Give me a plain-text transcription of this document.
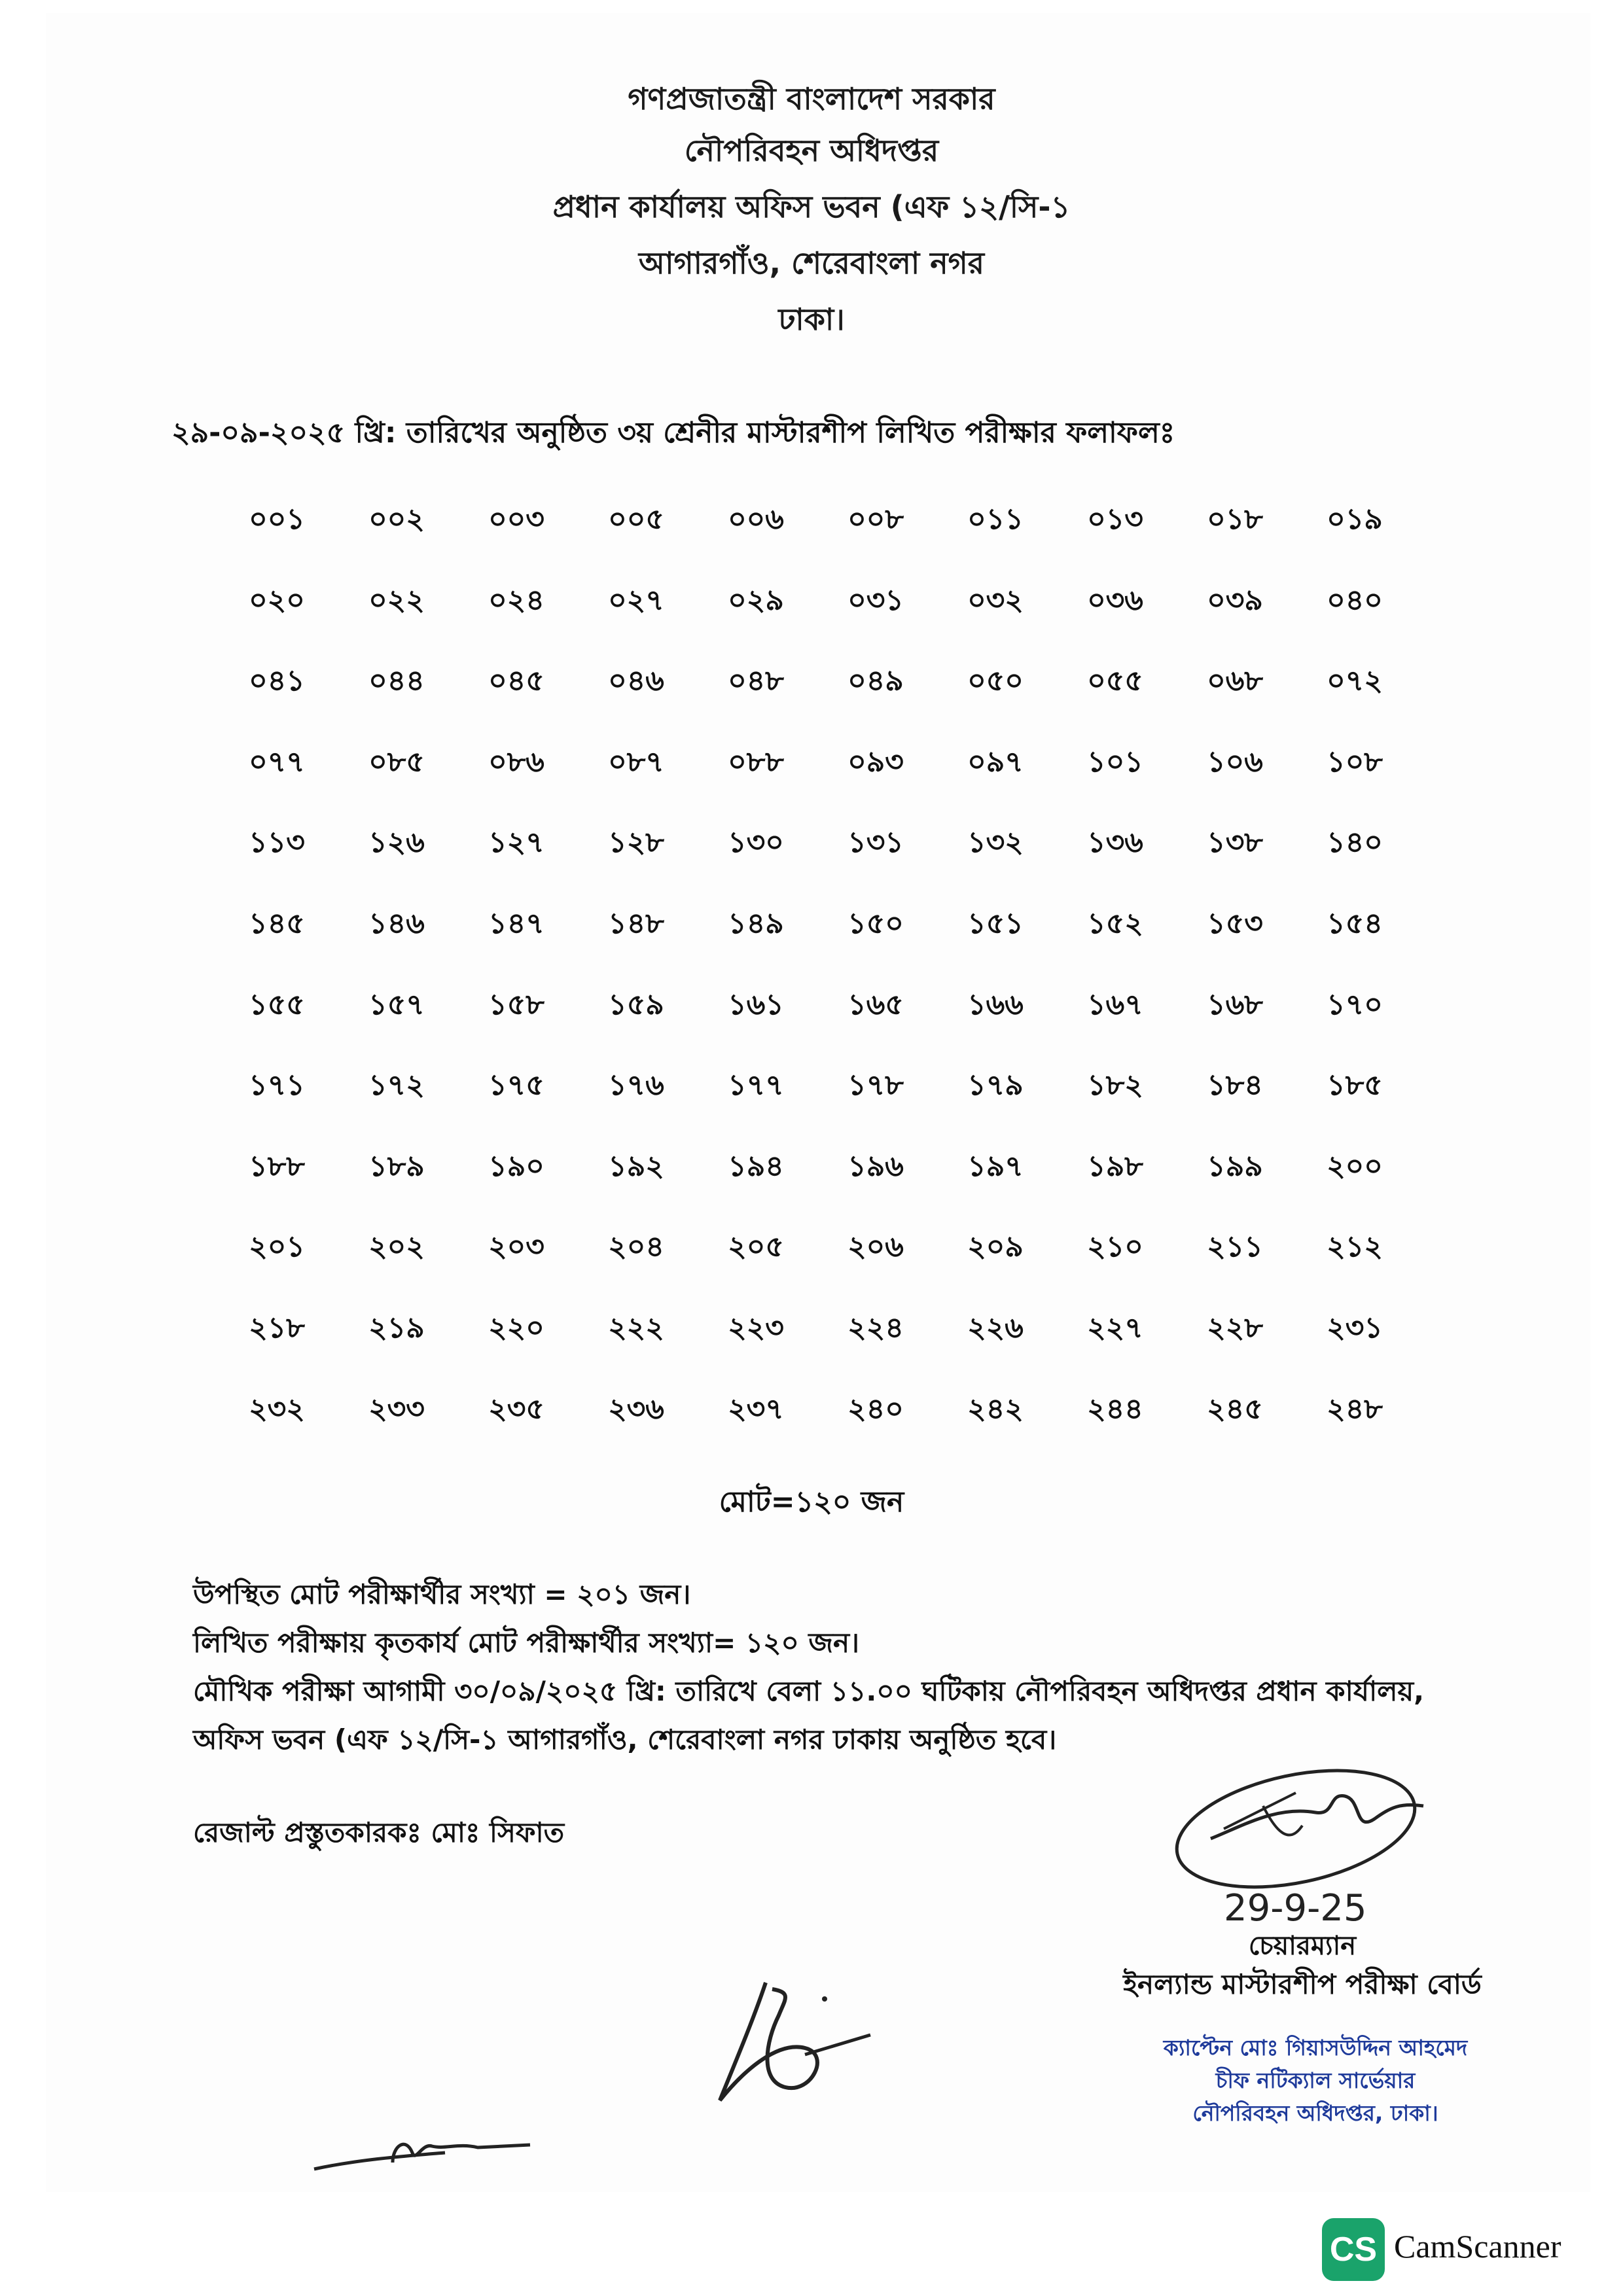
গণপ্রজাতন্ত্রী বাংলাদেশ সরকার
নৌপরিবহন অধিদপ্তর
প্রধান কার্যালয় অফিস ভবন (এফ ১২/সি-১
আগারগাঁও, শেরেবাংলা নগর
ঢাকা।
২৯-০৯-২০২৫ খ্রি: তারিখের অনুষ্ঠিত ৩য় শ্রেনীর মাস্টারশীপ লিখিত পরীক্ষার ফলাফলঃ
০০১ ০০২ ০০৩ ০০৫ ০০৬ ০০৮ ০১১ ০১৩ ০১৮ ০১৯
০২০ ০২২ ০২৪ ০২৭ ০২৯ ০৩১ ০৩২ ০৩৬ ০৩৯ ০৪০
০৪১ ০৪৪ ০৪৫ ০৪৬ ০৪৮ ০৪৯ ০৫০ ০৫৫ ০৬৮ ০৭২
০৭৭ ০৮৫ ০৮৬ ০৮৭ ০৮৮ ০৯৩ ০৯৭ ১০১ ১০৬ ১০৮
১১৩ ১২৬ ১২৭ ১২৮ ১৩০ ১৩১ ১৩২ ১৩৬ ১৩৮ ১৪০
১৪৫ ১৪৬ ১৪৭ ১৪৮ ১৪৯ ১৫০ ১৫১ ১৫২ ১৫৩ ১৫৪
১৫৫ ১৫৭ ১৫৮ ১৫৯ ১৬১ ১৬৫ ১৬৬ ১৬৭ ১৬৮ ১৭০
১৭১ ১৭২ ১৭৫ ১৭৬ ১৭৭ ১৭৮ ১৭৯ ১৮২ ১৮৪ ১৮৫
১৮৮ ১৮৯ ১৯০ ১৯২ ১৯৪ ১৯৬ ১৯৭ ১৯৮ ১৯৯ ২০০
২০১ ২০২ ২০৩ ২০৪ ২০৫ ২০৬ ২০৯ ২১০ ২১১ ২১২
২১৮ ২১৯ ২২০ ২২২ ২২৩ ২২৪ ২২৬ ২২৭ ২২৮ ২৩১
২৩২ ২৩৩ ২৩৫ ২৩৬ ২৩৭ ২৪০ ২৪২ ২৪৪ ২৪৫ ২৪৮
মোট=১২০ জন
উপস্থিত মোট পরীক্ষার্থীর সংখ্যা = ২০১ জন।
লিখিত পরীক্ষায় কৃতকার্য মোট পরীক্ষার্থীর সংখ্যা= ১২০ জন।
মৌখিক পরীক্ষা আগামী ৩০/০৯/২০২৫ খ্রি: তারিখে বেলা ১১.০০ ঘটিকায় নৌপরিবহন অধিদপ্তর প্রধান কার্যালয়,
অফিস ভবন (এফ ১২/সি-১ আগারগাঁও, শেরেবাংলা নগর ঢাকায় অনুষ্ঠিত হবে।
রেজাল্ট প্রস্তুতকারকঃ মোঃ সিফাত
29-9-25
চেয়ারম্যান
ইনল্যান্ড মাস্টারশীপ পরীক্ষা বোর্ড
ক্যাপ্টেন মোঃ গিয়াসউদ্দিন আহমেদ
চীফ নটিক্যাল সার্ভেয়ার
নৌপরিবহন অধিদপ্তর, ঢাকা।
CS CamScanner
